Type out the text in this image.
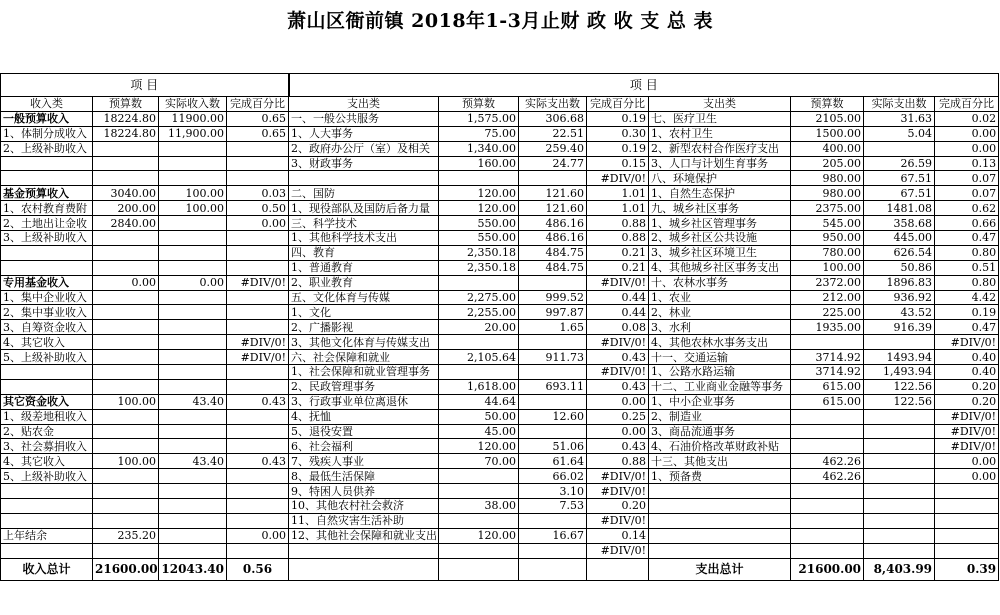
萧山区衙前镇 2018年1-3月止财 政 收 支 总 表
项 目				项 目							
收入类	预算数	实际收入数	完成百分比	支出类	预算数	实际支出数	完成百分比	支出类	预算数	实际支出数	完成百分比
一般预算收入	18224.80	11900.00	0.65	一、一般公共服务	1,575.00	306.68	0.19	七、医疗卫生	2105.00	31.63	0.02
1、体制分成收入	18224.80	11,900.00	0.65	1、人大事务	75.00	22.51	0.30	1、农村卫生	1500.00	5.04	0.00
2、上级补助收入				2、政府办公厅（室）及相关	1,340.00	259.40	0.19	2、新型农村合作医疗支出	400.00		0.00
				3、财政事务	160.00	24.77	0.15	3、人口与计划生育事务	205.00	26.59	0.13
							#DIV/0!	八、环境保护	980.00	67.51	0.07
基金预算收入	3040.00	100.00	0.03	二、国防	120.00	121.60	1.01	1、自然生态保护	980.00	67.51	0.07
1、农村教育费附	200.00	100.00	0.50	1、现役部队及国防后备力量	120.00	121.60	1.01	九、城乡社区事务	2375.00	1481.08	0.62
2、土地出让金收	2840.00		0.00	三、科学技术	550.00	486.16	0.88	1、城乡社区管理事务	545.00	358.68	0.66
3、上级补助收入				1、其他科学技术支出	550.00	486.16	0.88	2、城乡社区公共设施	950.00	445.00	0.47
				四、教育	2,350.18	484.75	0.21	3、城乡社区环境卫生	780.00	626.54	0.80
				1、普通教育	2,350.18	484.75	0.21	4、其他城乡社区事务支出	100.00	50.86	0.51
专用基金收入	0.00	0.00	#DIV/0!	2、职业教育			#DIV/0!	十、农林水事务	2372.00	1896.83	0.80
1、集中企业收入				五、文化体育与传媒	2,275.00	999.52	0.44	1、农业	212.00	936.92	4.42
2、集中事业收入				1、文化	2,255.00	997.87	0.44	2、林业	225.00	43.52	0.19
3、自筹资金收入				2、广播影视	20.00	1.65	0.08	3、水利	1935.00	916.39	0.47
4、其它收入			#DIV/0!	3、其他文化体育与传媒支出			#DIV/0!	4、其他农林水事务支出			#DIV/0!
5、上级补助收入			#DIV/0!	六、社会保障和就业	2,105.64	911.73	0.43	十一、交通运输	3714.92	1493.94	0.40
				1、社会保障和就业管理事务			#DIV/0!	1、公路水路运输	3714.92	1,493.94	0.40
				2、民政管理事务	1,618.00	693.11	0.43	十二、工业商业金融等事务	615.00	122.56	0.20
其它资金收入	100.00	43.40	0.43	3、行政事业单位离退休	44.64		0.00	1、中小企业事务	615.00	122.56	0.20
1、级差地租收入				4、抚恤	50.00	12.60	0.25	2、制造业			#DIV/0!
2、贴农金				5、退役安置	45.00		0.00	3、商品流通事务			#DIV/0!
3、社会募捐收入				6、社会福利	120.00	51.06	0.43	4、石油价格改革财政补贴			#DIV/0!
4、其它收入	100.00	43.40	0.43	7、残疾人事业	70.00	61.64	0.88	十三、其他支出	462.26		0.00
5、上级补助收入				8、最低生活保障		66.02	#DIV/0!	1、预备费	462.26		0.00
				9、特困人员供养		3.10	#DIV/0!				
				10、其他农村社会救济	38.00	7.53	0.20				
				11、自然灾害生活补助			#DIV/0!				
上年结余	235.20		0.00	12、其他社会保障和就业支出	120.00	16.67	0.14				
							#DIV/0!				
收入总计	21600.00	12043.40	0.56					支出总计	21600.00	8,403.99	0.39
